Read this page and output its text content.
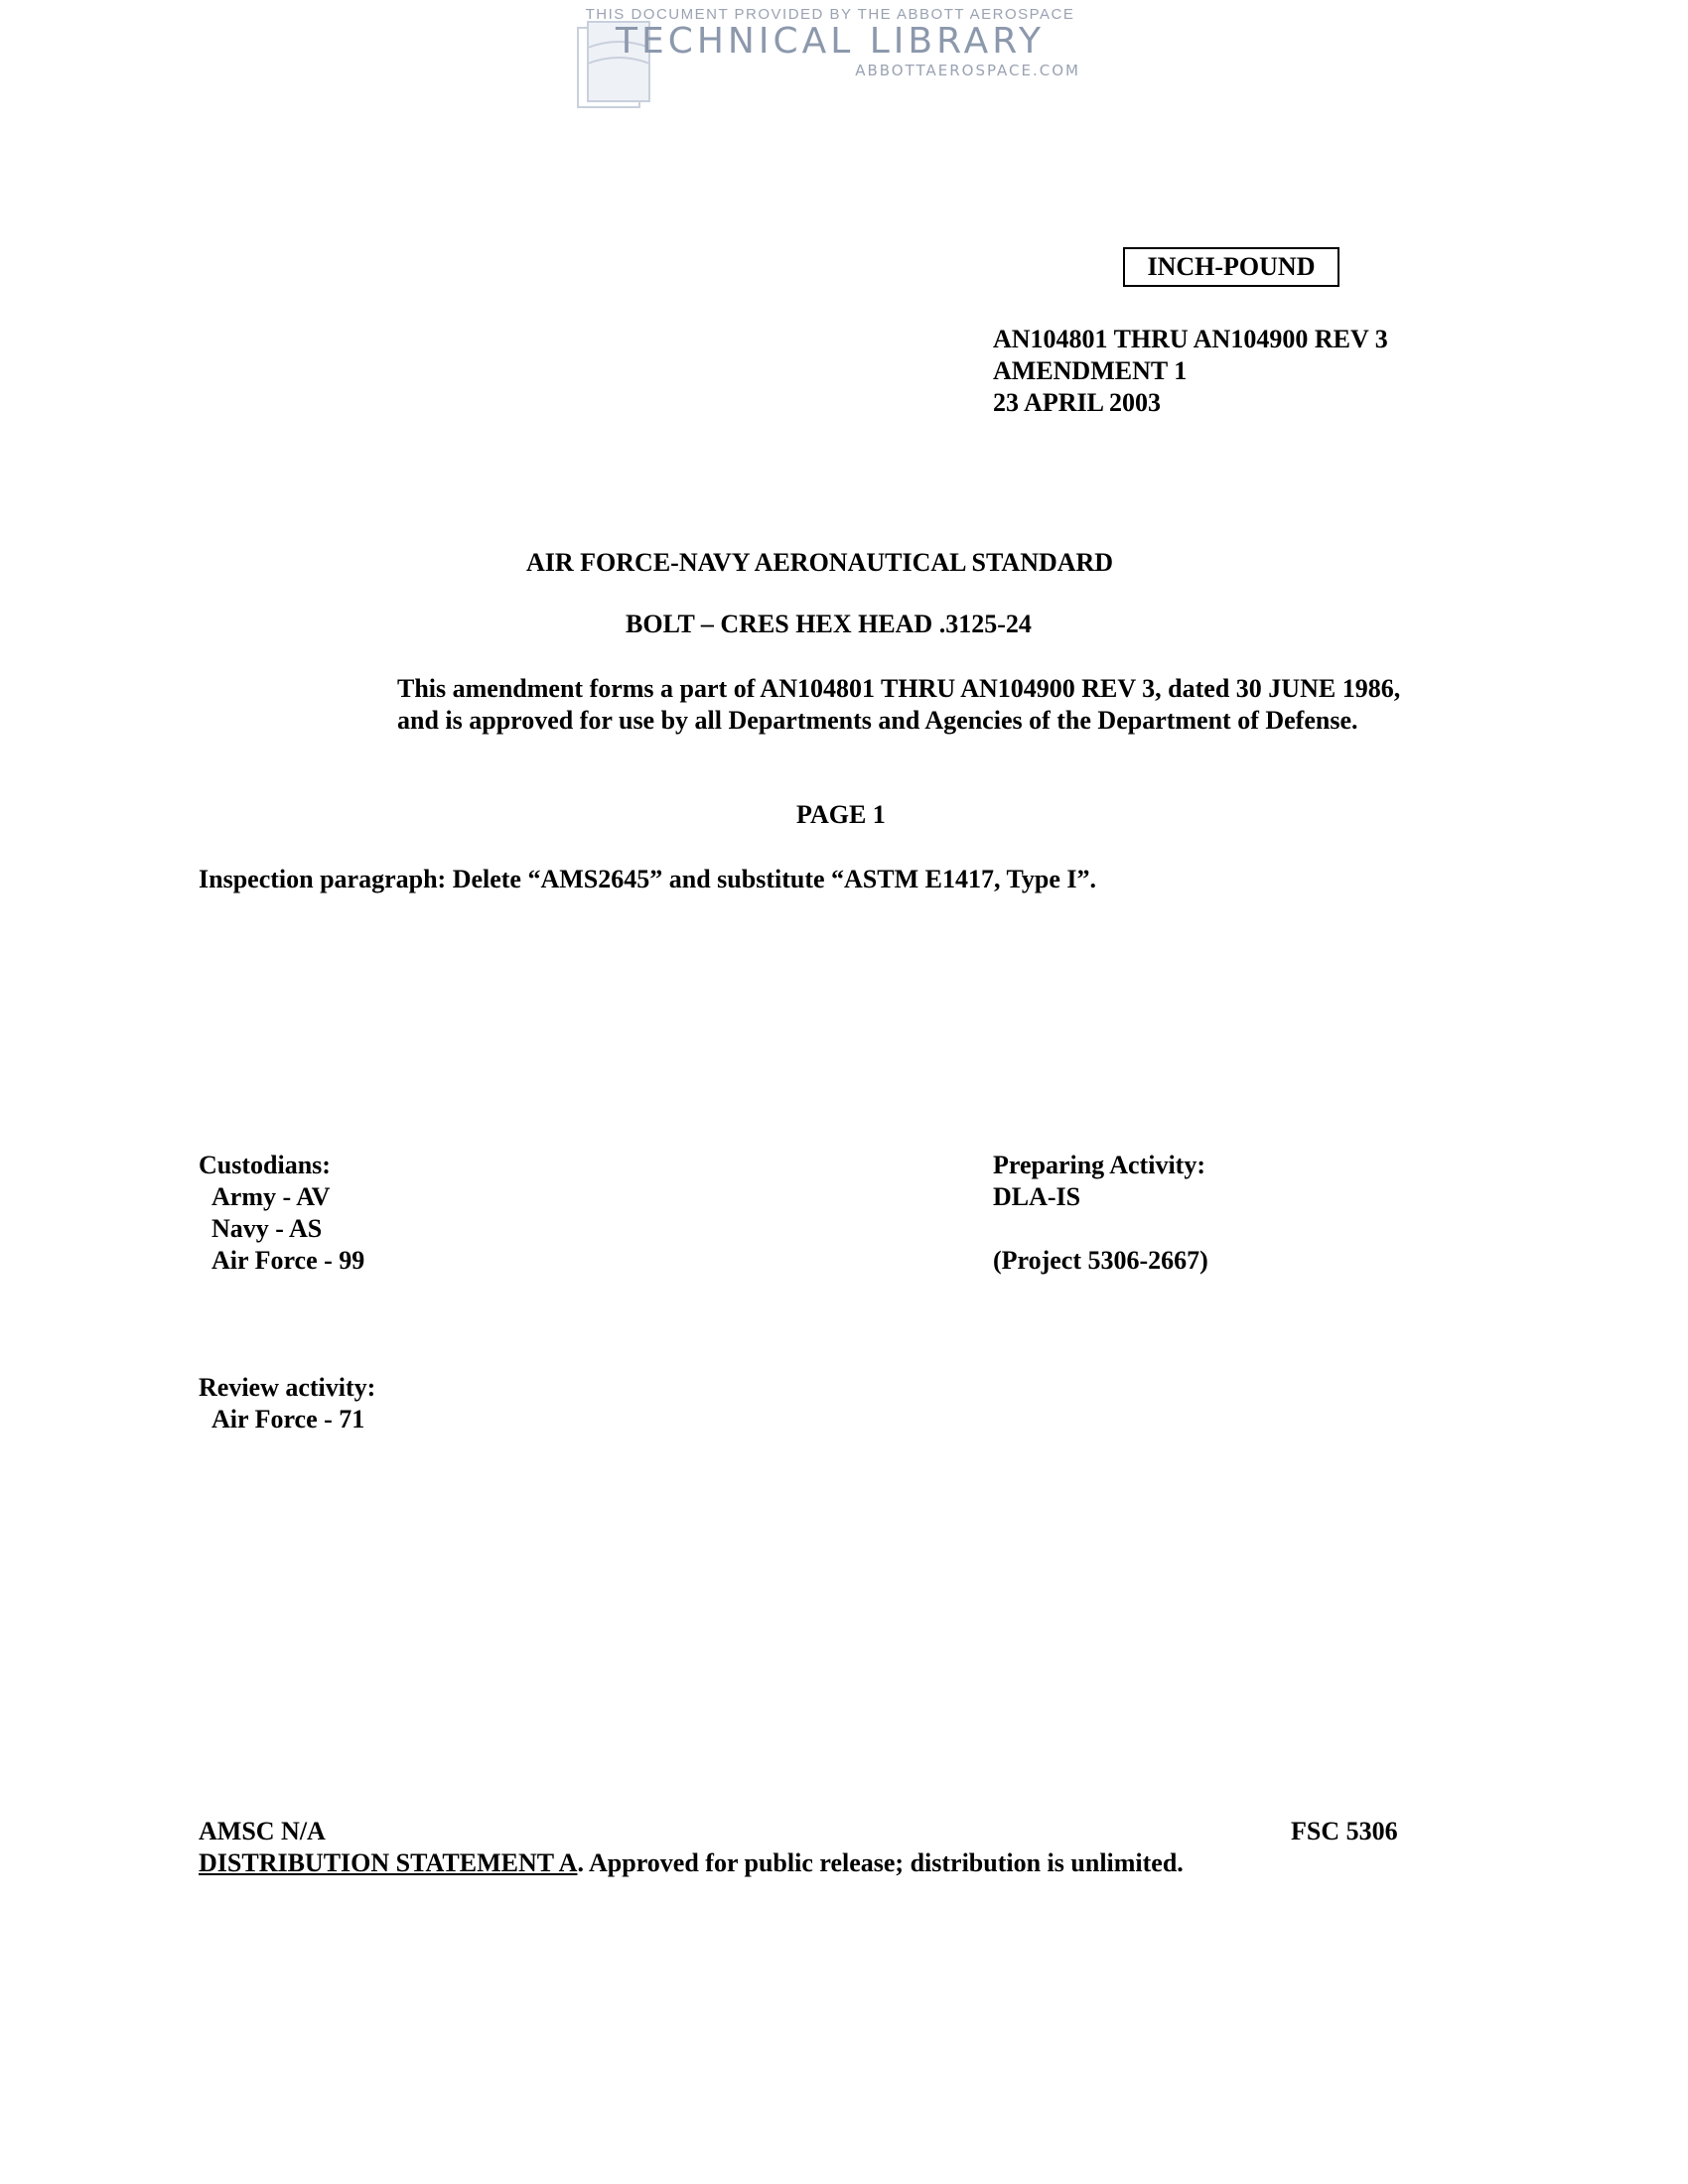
THIS DOCUMENT PROVIDED BY THE ABBOTT AEROSPACE
TECHNICAL LIBRARY
ABBOTTAEROSPACE.COM
INCH-POUND
AN104801 THRU AN104900 REV 3
AMENDMENT 1
23 APRIL 2003
AIR FORCE-NAVY AERONAUTICAL STANDARD
BOLT – CRES HEX HEAD .3125-24
This amendment forms a part of AN104801 THRU AN104900 REV 3, dated 30 JUNE 1986,
and is approved for use by all Departments and Agencies of the Department of Defense.
PAGE 1
Inspection paragraph: Delete “AMS2645” and substitute “ASTM E1417, Type I”.
Custodians:
Army - AV
Navy - AS
Air Force - 99
Preparing Activity:
DLA-IS
(Project 5306-2667)
Review activity:
Air Force - 71
AMSC N/A	FSC 5306
DISTRIBUTION STATEMENT A. Approved for public release; distribution is unlimited.
